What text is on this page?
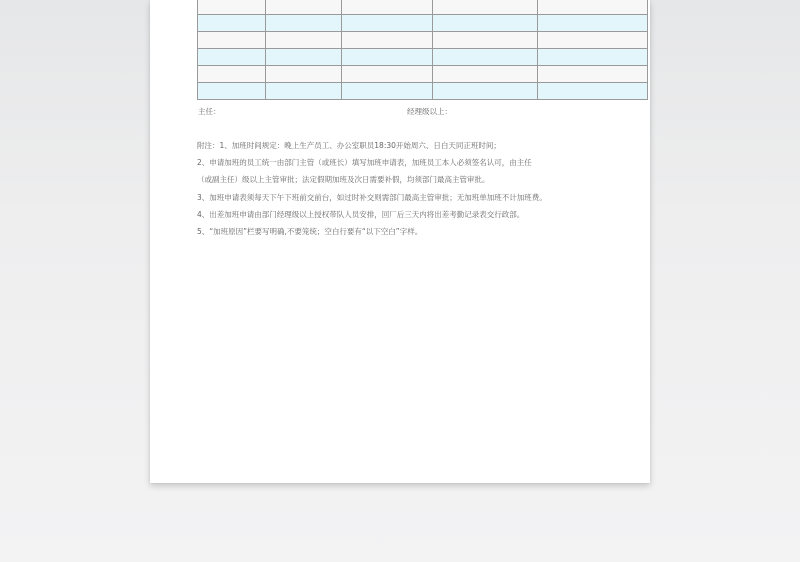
主任：	经理级以上：
附注：1、加班时间规定：晚上生产员工、办公室职员18:30开始周六、日白天同正班时间；
2、申请加班的员工统一由部门主管（或班长）填写加班申请表，加班员工本人必须签名认可，由主任
（或副主任）级以上主管审批；法定假期加班及次日需要补假，均须部门最高主管审批。
3、加班申请表须每天下午下班前交前台，如过时补交则需部门最高主管审批；无加班单加班不计加班费。
4、出差加班申请由部门经理级以上授权带队人员安排，回厂后三天内将出差考勤记录表交行政部。
5、“加班原因”栏要写明确,不要笼统；空白行要有“以下空白”字样。
